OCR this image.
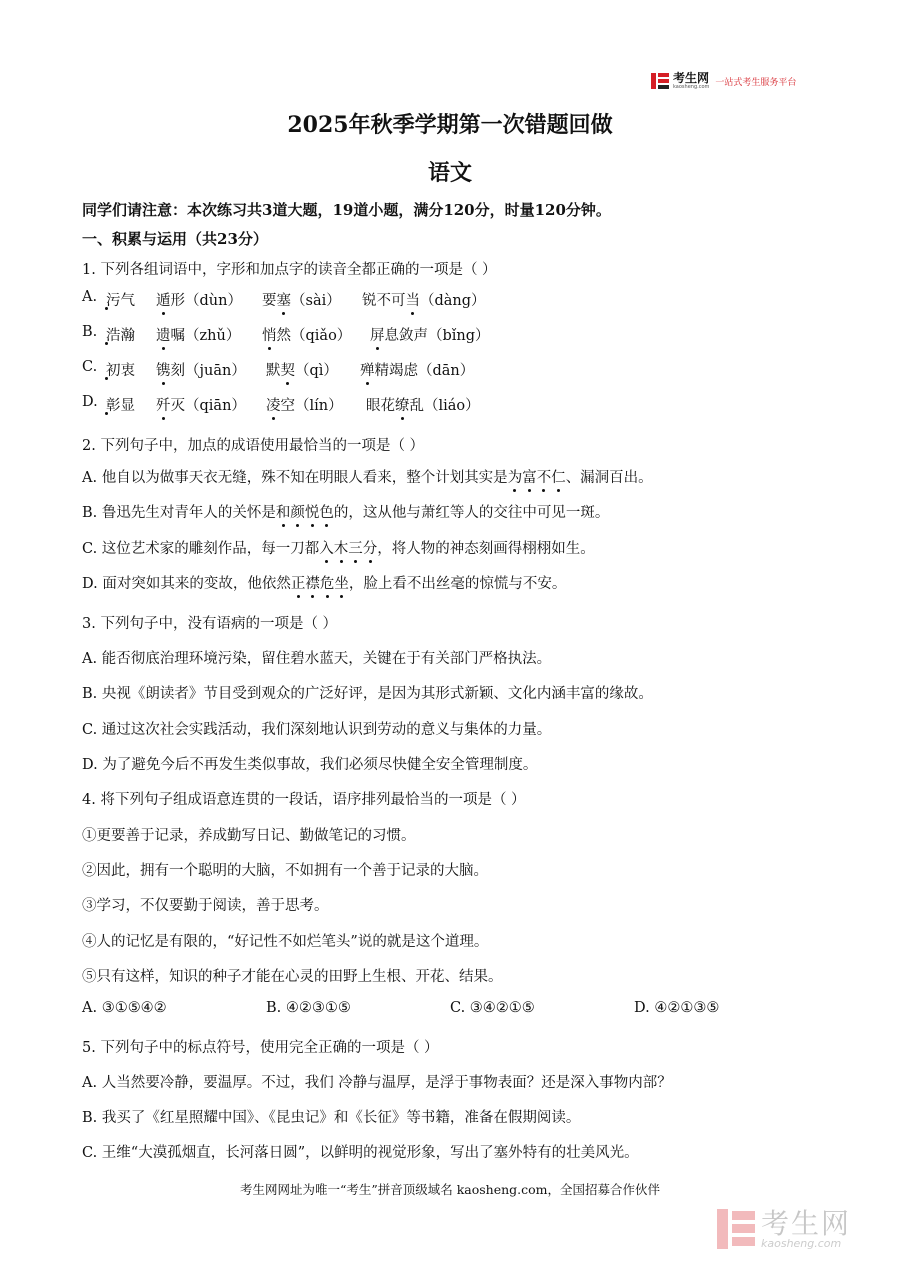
考生网
kaosheng.com 一站式考生服务平台
2025年秋季学期第一次错题回做
语文
同学们请注意：本次练习共3道大题，19道小题，满分120分，时量120分钟。
一、积累与运用（共23分）
1. 下列各组词语中，字形和加点字的读音全都正确的一项是（ ）
A. 污气 遁形（dùn） 要塞（sài） 锐不可当（dàng）
B. 浩瀚 遗嘱（zhǔ） 悄然（qiǎo） 屏息敛声（bǐng）
C. 初衷 镌刻（juān） 默契（qì） 殚精竭虑（dān）
D. 彰显 歼灭（qiān） 凌空（lín） 眼花缭乱（liáo）
2. 下列句子中，加点的成语使用最恰当的一项是（ ）
A. 他自以为做事天衣无缝，殊不知在明眼人看来，整个计划其实是为富不仁、漏洞百出。
B. 鲁迅先生对青年人的关怀是和颜悦色的，这从他与萧红等人的交往中可见一斑。
C. 这位艺术家的雕刻作品，每一刀都入木三分，将人物的神态刻画得栩栩如生。
D. 面对突如其来的变故，他依然正襟危坐，脸上看不出丝毫的惊慌与不安。
3. 下列句子中，没有语病的一项是（ ）
A. 能否彻底治理环境污染，留住碧水蓝天，关键在于有关部门严格执法。
B. 央视《朗读者》节目受到观众的广泛好评，是因为其形式新颖、文化内涵丰富的缘故。
C. 通过这次社会实践活动，我们深刻地认识到劳动的意义与集体的力量。
D. 为了避免今后不再发生类似事故，我们必须尽快健全安全管理制度。
4. 将下列句子组成语意连贯的一段话，语序排列最恰当的一项是（ ）
①更要善于记录，养成勤写日记、勤做笔记的习惯。
②因此，拥有一个聪明的大脑，不如拥有一个善于记录的大脑。
③学习，不仅要勤于阅读，善于思考。
④人的记忆是有限的，“好记性不如烂笔头”说的就是这个道理。
⑤只有这样，知识的种子才能在心灵的田野上生根、开花、结果。
A. ③①⑤④②	B. ④②③①⑤	C. ③④②①⑤	D. ④②①③⑤
5. 下列句子中的标点符号，使用完全正确的一项是（ ）
A. 人当然要冷静，要温厚。不过，我们 冷静与温厚，是浮于事物表面？还是深入事物内部？
B. 我买了《红星照耀中国》、《昆虫记》和《长征》等书籍，准备在假期阅读。
C. 王维“大漠孤烟直，长河落日圆”，以鲜明的视觉形象，写出了塞外特有的壮美风光。
考生网网址为唯一“考生”拼音顶级域名 kaosheng.com，全国招募合作伙伴
考生网
kaosheng.com
